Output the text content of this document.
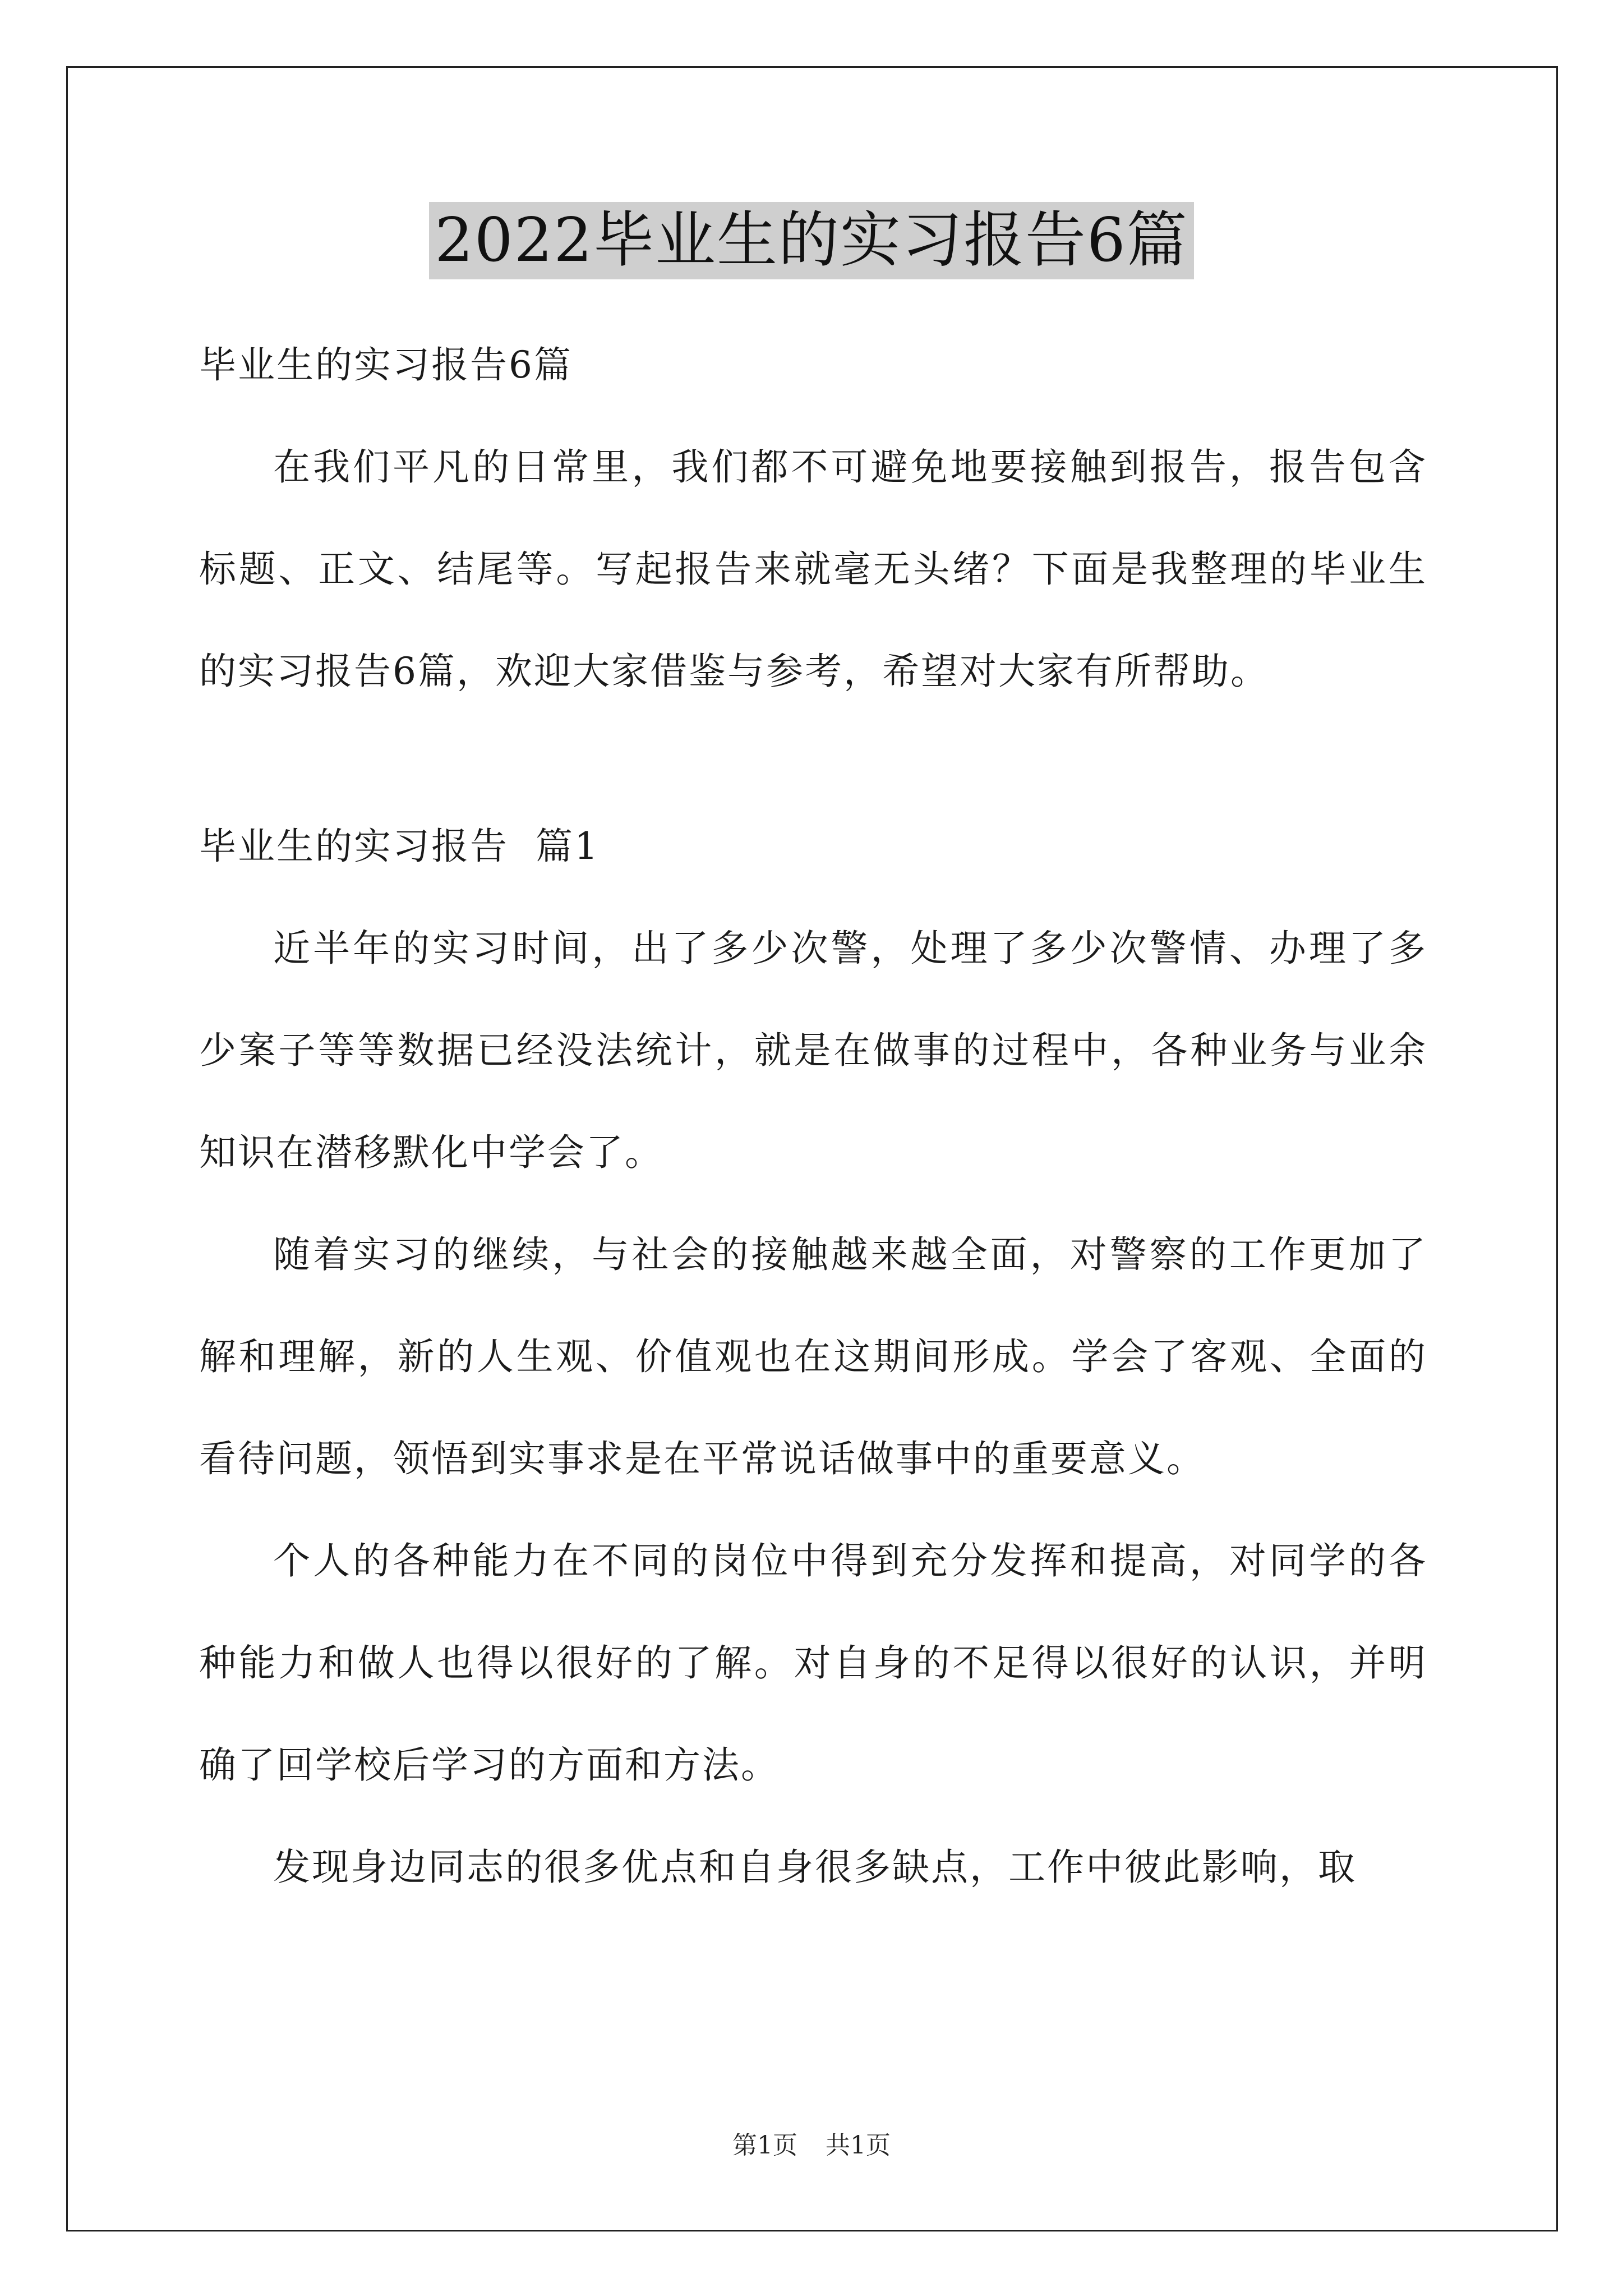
2022毕业生的实习报告6篇
毕业生的实习报告6篇
在我们平凡的日常里，我们都不可避免地要接触到报告，报告包含标题、正文、结尾等。写起报告来就毫无头绪？下面是我整理的毕业生的实习报告6篇，欢迎大家借鉴与参考，希望对大家有所帮助。
毕业生的实习报告  篇1
近半年的实习时间，出了多少次警，处理了多少次警情、办理了多少案子等等数据已经没法统计，就是在做事的过程中，各种业务与业余知识在潜移默化中学会了。
随着实习的继续，与社会的接触越来越全面，对警察的工作更加了解和理解，新的人生观、价值观也在这期间形成。学会了客观、全面的看待问题，领悟到实事求是在平常说话做事中的重要意义。
个人的各种能力在不同的岗位中得到充分发挥和提高，对同学的各种能力和做人也得以很好的了解。对自身的不足得以很好的认识，并明确了回学校后学习的方面和方法。
发现身边同志的很多优点和自身很多缺点，工作中彼此影响，取
第1页 共1页
